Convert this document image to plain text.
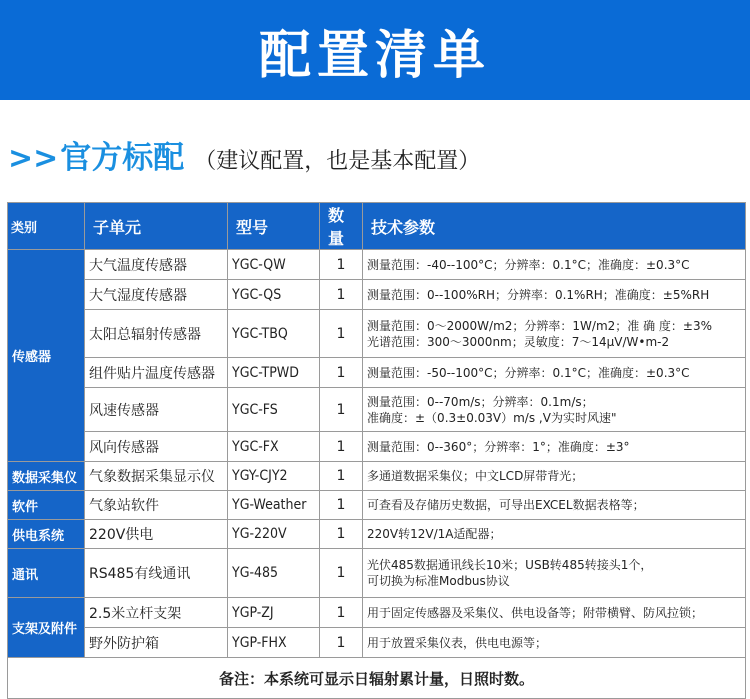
配置清单
>> 官方标配 （建议配置，也是基本配置）
类别	子单元	型号	数量	技术参数
传感器	大气温度传感器	YGC-QW	1	测量范围：-40--100°C；分辨率：0.1°C；准确度：±0.3°C

	大气湿度传感器	YGC-QS	1	测量范围：0--100%RH；分辨率：0.1%RH；准确度：±5%RH

	太阳总辐射传感器	YGC-TBQ	1	测量范围：0～2000W/m2；分辨率：1W/m2；准 确 度：±3%
光谱范围：300～3000nm；灵敏度：7～14μV/W•m-2

	组件贴片温度传感器	YGC-TPWD	1	测量范围：-50--100°C；分辨率：0.1°C；准确度：±0.3°C

	风速传感器	YGC-FS	1	测量范围：0--70m/s；分辨率：0.1m/s；
准确度：±（0.3±0.03V）m/s ,V为实时风速"

	风向传感器	YGC-FX	1	测量范围：0--360°；分辨率：1°；准确度：±3°

数据采集仪	气象数据采集显示仪	YGY-CJY2	1	多通道数据采集仪；中文LCD屏带背光；

软件	气象站软件	YG-Weather	1	可查看及存储历史数据，可导出EXCEL数据表格等；

供电系统	220V供电	YG-220V	1	220V转12V/1A适配器；

通讯	RS485有线通讯	YG-485	1	光伏485数据通讯线长10米；USB转485转接头1个，
可切换为标准Modbus协议

支架及附件	2.5米立杆支架	YGP-ZJ	1	用于固定传感器及采集仪、供电设备等；附带横臂、防风拉锁；

	野外防护箱	YGP-FHX	1	用于放置采集仪表，供电电源等；

备注：本系统可显示日辐射累计量，日照时数。				
